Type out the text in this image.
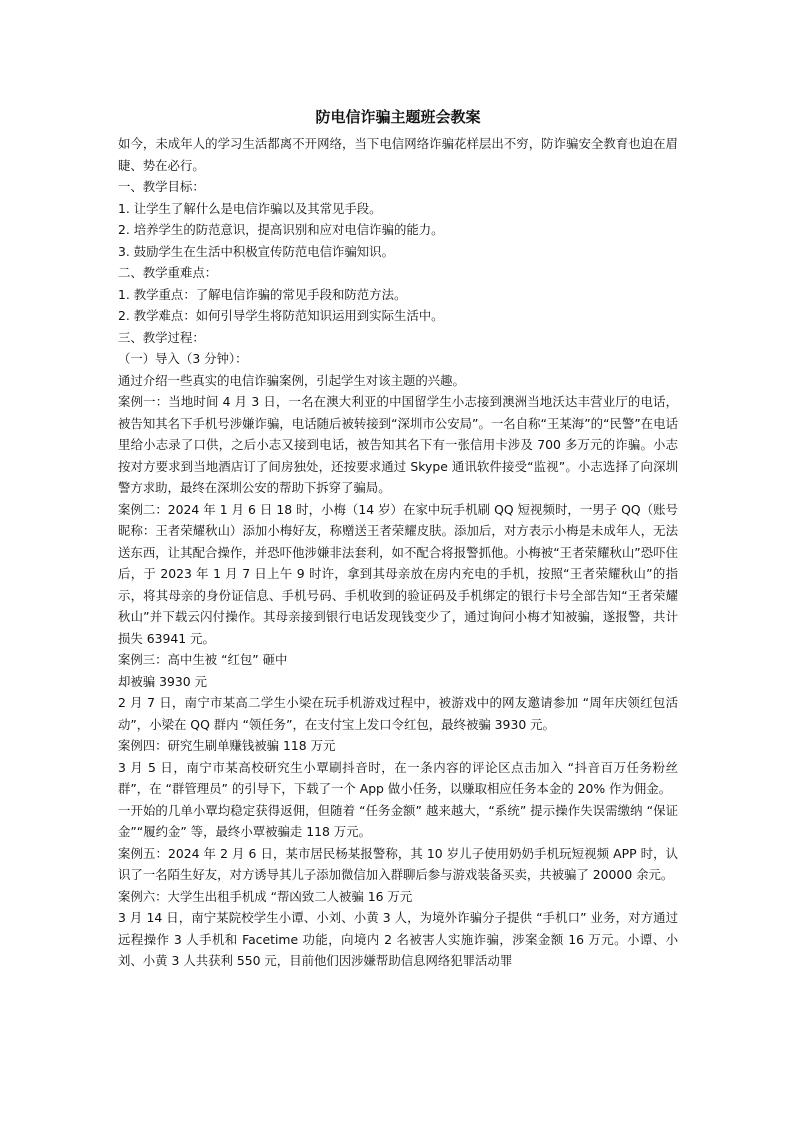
防电信诈骗主题班会教案

如今，未成年人的学习生活都离不开网络，当下电信网络诈骗花样层出不穷，防诈骗安全教育也迫在眉睫、势在必行。

一、教学目标：

1. 让学生了解什么是电信诈骗以及其常见手段。

2. 培养学生的防范意识，提高识别和应对电信诈骗的能力。

3. 鼓励学生在生活中积极宣传防范电信诈骗知识。

二、教学重难点：

1. 教学重点：了解电信诈骗的常见手段和防范方法。

2. 教学难点：如何引导学生将防范知识运用到实际生活中。

三、教学过程：

（一）导入（3 分钟）：

通过介绍一些真实的电信诈骗案例，引起学生对该主题的兴趣。

案例一：当地时间 4 月 3 日，一名在澳大利亚的中国留学生小志接到澳洲当地沃达丰营业厅的电话，被告知其名下手机号涉嫌诈骗，电话随后被转接到“深圳市公安局”。一名自称“王某海”的“民警”在电话里给小志录了口供，之后小志又接到电话，被告知其名下有一张信用卡涉及 700 多万元的诈骗。小志按对方要求到当地酒店订了间房独处，还按要求通过 Skype 通讯软件接受“监视”。小志选择了向深圳警方求助，最终在深圳公安的帮助下拆穿了骗局。

案例二：2024 年 1 月 6 日 18 时，小梅（14 岁）在家中玩手机刷 QQ 短视频时，一男子 QQ（账号昵称：王者荣耀秋山）添加小梅好友，称赠送王者荣耀皮肤。添加后，对方表示小梅是未成年人，无法送东西，让其配合操作，并恐吓他涉嫌非法套利，如不配合将报警抓他。小梅被“王者荣耀秋山”恐吓住后，于 2023 年 1 月 7 日上午 9 时许，拿到其母亲放在房内充电的手机，按照“王者荣耀秋山”的指示，将其母亲的身份证信息、手机号码、手机收到的验证码及手机绑定的银行卡号全部告知“王者荣耀秋山”并下载云闪付操作。其母亲接到银行电话发现钱变少了，通过询问小梅才知被骗，遂报警，共计损失 63941 元。

案例三：高中生被 “红包” 砸中

却被骗 3930 元

2 月 7 日，南宁市某高二学生小梁在玩手机游戏过程中，被游戏中的网友邀请参加 “周年庆领红包活动”，小梁在 QQ 群内 “领任务”，在支付宝上发口令红包，最终被骗 3930 元。

案例四：研究生刷单赚钱被骗 118 万元

3 月 5 日，南宁市某高校研究生小覃刷抖音时，在一条内容的评论区点击加入 “抖音百万任务粉丝群”，在 “群管理员” 的引导下，下载了一个 App 做小任务，以赚取相应任务本金的 20% 作为佣金。

一开始的几单小覃均稳定获得返佣，但随着 “任务金额” 越来越大，“系统” 提示操作失误需缴纳 “保证金”“履约金” 等，最终小覃被骗走 118 万元。

案例五：2024 年 2 月 6 日，某市居民杨某报警称，其 10 岁儿子使用奶奶手机玩短视频 APP 时，认识了一名陌生好友，对方诱导其儿子添加微信加入群聊后参与游戏装备买卖，共被骗了 20000 余元。

案例六：大学生出租手机成 “帮凶致二人被骗 16 万元

3 月 14 日，南宁某院校学生小谭、小刘、小黄 3 人，为境外诈骗分子提供 “手机口” 业务，对方通过远程操作 3 人手机和 Facetime 功能，向境内 2 名被害人实施诈骗，涉案金额 16 万元。小谭、小刘、小黄 3 人共获利 550 元，目前他们因涉嫌帮助信息网络犯罪活动罪
